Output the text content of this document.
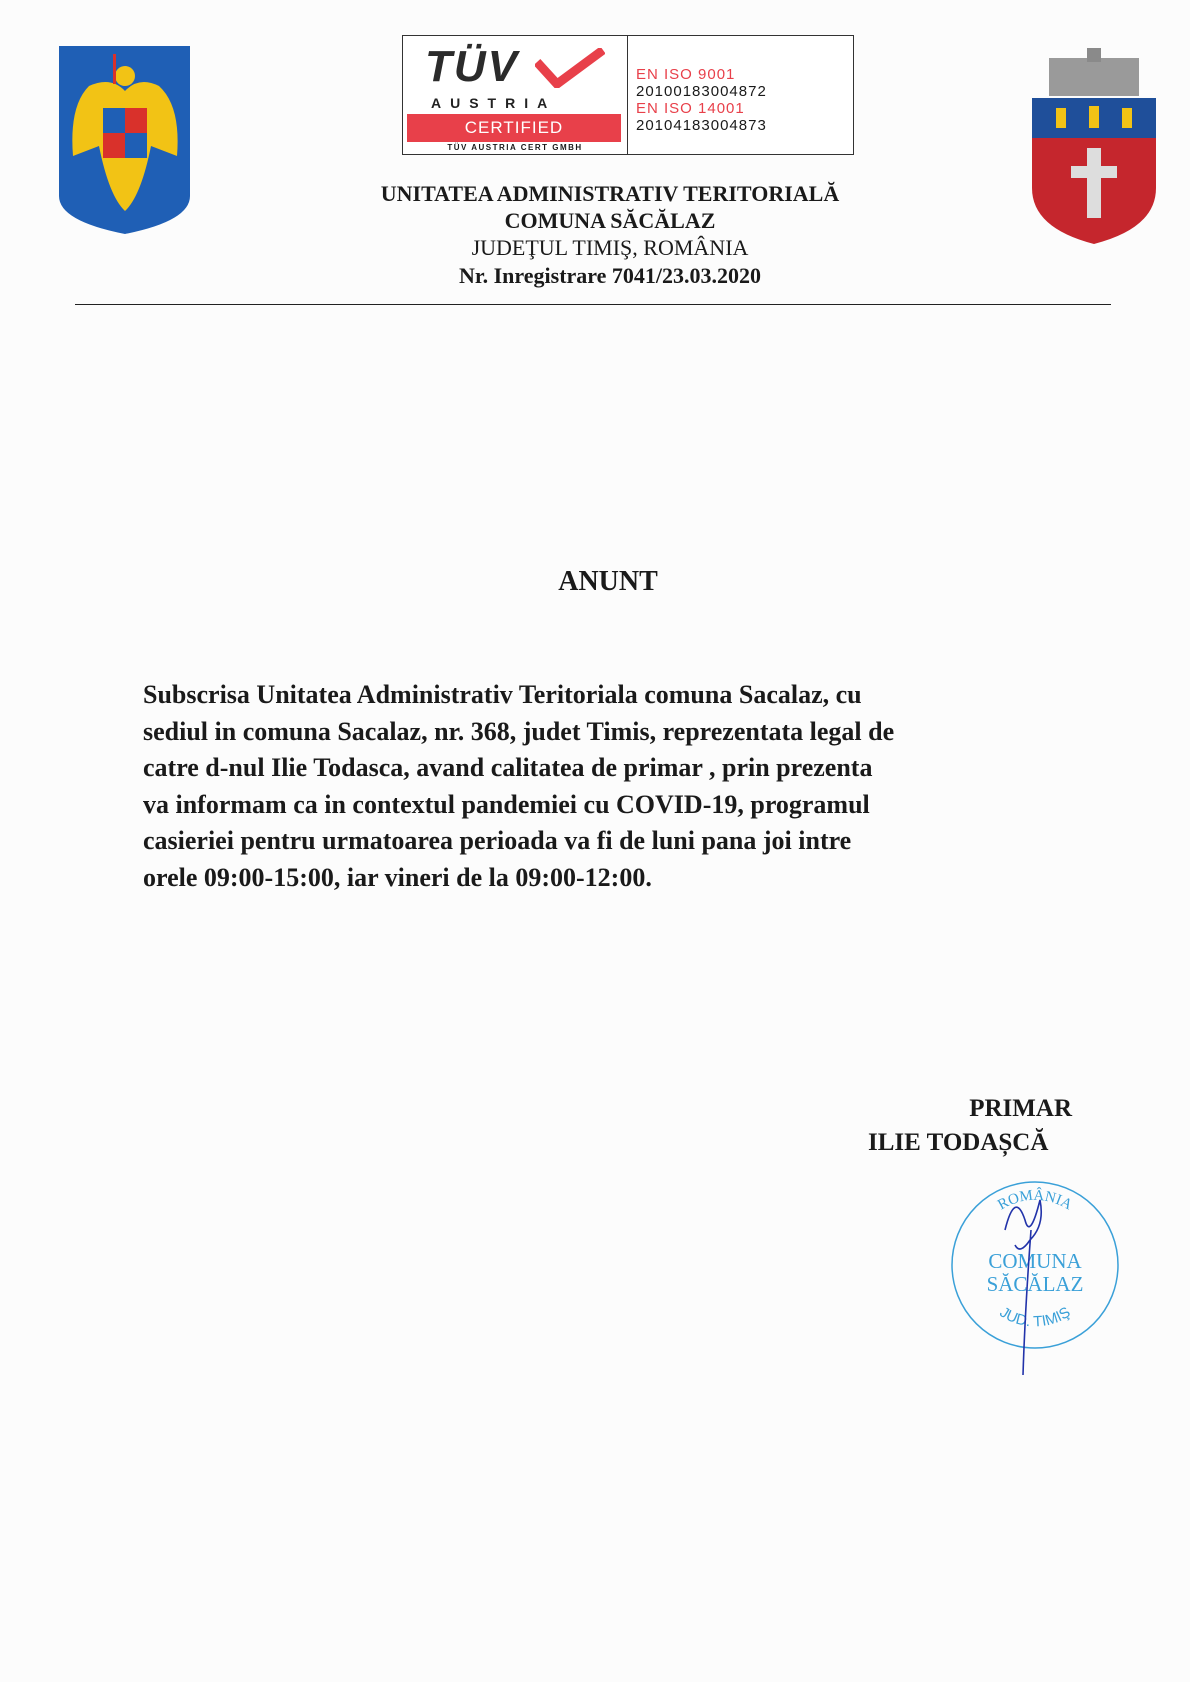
TÜV
AUSTRIA
CERTIFIED
TÜV AUSTRIA CERT GMBH
EN ISO 9001
20100183004872
EN ISO 14001
20104183004873
UNITATEA ADMINISTRATIV TERITORIALĂ
COMUNA SĂCĂLAZ
JUDEŢUL TIMIŞ, ROMÂNIA
Nr. Inregistrare 7041/23.03.2020
ANUNT
Subscrisa Unitatea Administrativ Teritoriala comuna Sacalaz, cu
sediul in comuna Sacalaz, nr. 368, judet Timis, reprezentata legal de
catre d-nul Ilie Todasca, avand calitatea de primar , prin prezenta
va informam ca in contextul pandemiei cu COVID-19, programul
casieriei pentru urmatoarea perioada va fi de luni pana joi intre
orele 09:00-15:00, iar vineri de la 09:00-12:00.
ROMÂNIA
COMUNA
SĂCĂLAZ
JUD. TIMIŞ
PRIMAR
ILIE TODAȘCĂ
